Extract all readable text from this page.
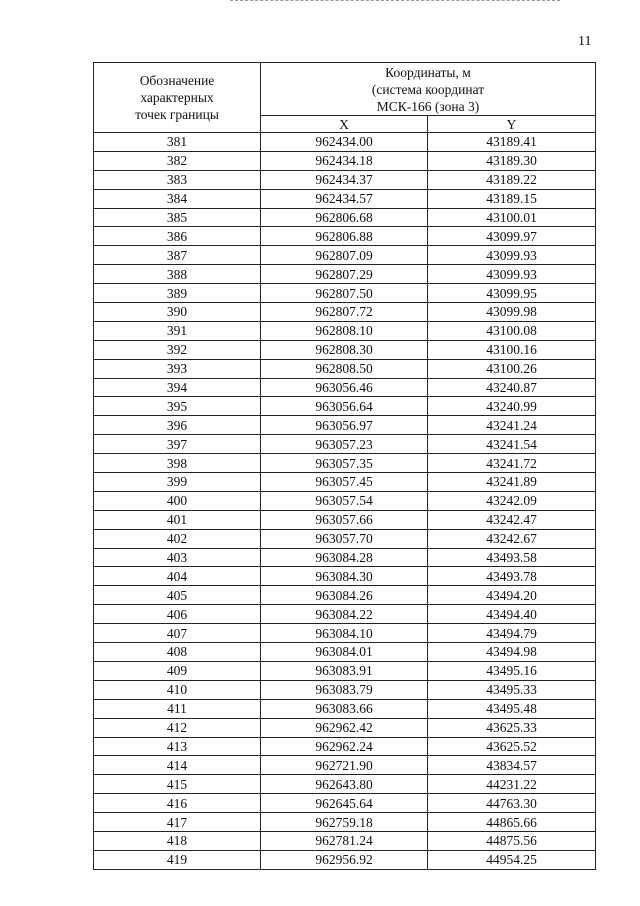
11
Обозначение
характерных
точек границы	Координаты, м
(система координат
МСК-166 (зона 3)	

	X	Y
381	962434.00	43189.41
382	962434.18	43189.30
383	962434.37	43189.22
384	962434.57	43189.15
385	962806.68	43100.01
386	962806.88	43099.97
387	962807.09	43099.93
388	962807.29	43099.93
389	962807.50	43099.95
390	962807.72	43099.98
391	962808.10	43100.08
392	962808.30	43100.16
393	962808.50	43100.26
394	963056.46	43240.87
395	963056.64	43240.99
396	963056.97	43241.24
397	963057.23	43241.54
398	963057.35	43241.72
399	963057.45	43241.89
400	963057.54	43242.09
401	963057.66	43242.47
402	963057.70	43242.67
403	963084.28	43493.58
404	963084.30	43493.78
405	963084.26	43494.20
406	963084.22	43494.40
407	963084.10	43494.79
408	963084.01	43494.98
409	963083.91	43495.16
410	963083.79	43495.33
411	963083.66	43495.48
412	962962.42	43625.33
413	962962.24	43625.52
414	962721.90	43834.57
415	962643.80	44231.22
416	962645.64	44763.30
417	962759.18	44865.66
418	962781.24	44875.56
419	962956.92	44954.25
